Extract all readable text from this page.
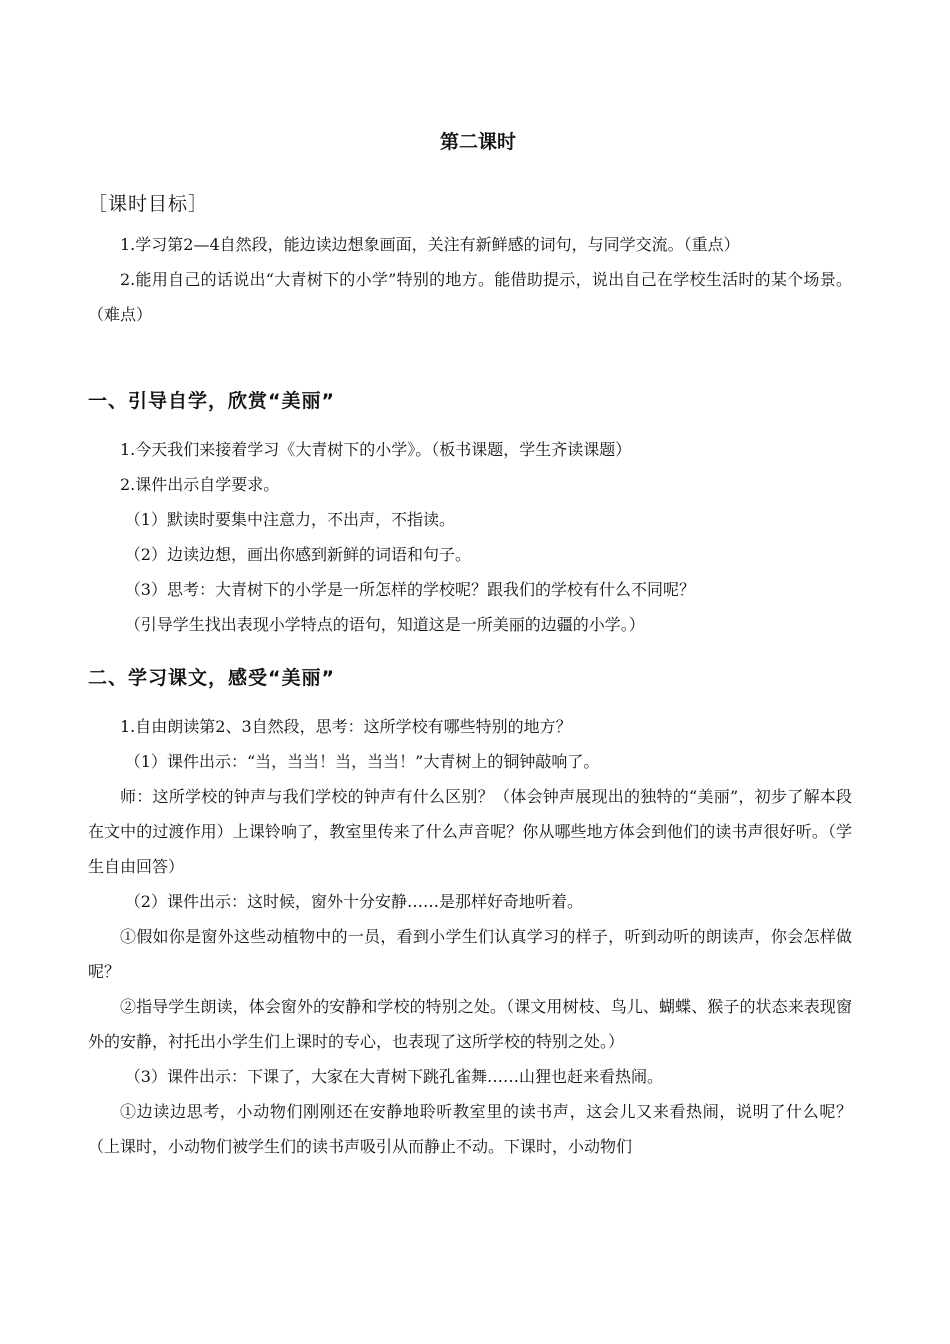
第二课时
［课时目标］

1.学习第2—4自然段，能边读边想象画面，关注有新鲜感的词句，与同学交流。（重点）

2.能用自己的话说出“大青树下的小学”特别的地方。能借助提示，说出自己在学校生活时的某个场景。（难点）

一、引导自学，欣赏“美丽”

1.今天我们来接着学习《大青树下的小学》。（板书课题，学生齐读课题）

2.课件出示自学要求。

（1）默读时要集中注意力，不出声，不指读。

（2）边读边想，画出你感到新鲜的词语和句子。

（3）思考：大青树下的小学是一所怎样的学校呢？跟我们的学校有什么不同呢？

（引导学生找出表现小学特点的语句，知道这是一所美丽的边疆的小学。）

二、学习课文，感受“美丽”

1.自由朗读第2、3自然段，思考：这所学校有哪些特别的地方？

（1）课件出示：“当，当当！当，当当！”大青树上的铜钟敲响了。

师：这所学校的钟声与我们学校的钟声有什么区别？（体会钟声展现出的独特的“美丽”，初步了解本段在文中的过渡作用）上课铃响了，教室里传来了什么声音呢？你从哪些地方体会到他们的读书声很好听。（学生自由回答）

（2）课件出示：这时候，窗外十分安静……是那样好奇地听着。

①假如你是窗外这些动植物中的一员，看到小学生们认真学习的样子，听到动听的朗读声，你会怎样做呢？

②指导学生朗读，体会窗外的安静和学校的特别之处。（课文用树枝、鸟儿、蝴蝶、猴子的状态来表现窗外的安静，衬托出小学生们上课时的专心，也表现了这所学校的特别之处。）

（3）课件出示：下课了，大家在大青树下跳孔雀舞……山狸也赶来看热闹。

①边读边思考，小动物们刚刚还在安静地聆听教室里的读书声，这会儿又来看热闹，说明了什么呢？（上课时，小动物们被学生们的读书声吸引从而静止不动。下课时，小动物们
